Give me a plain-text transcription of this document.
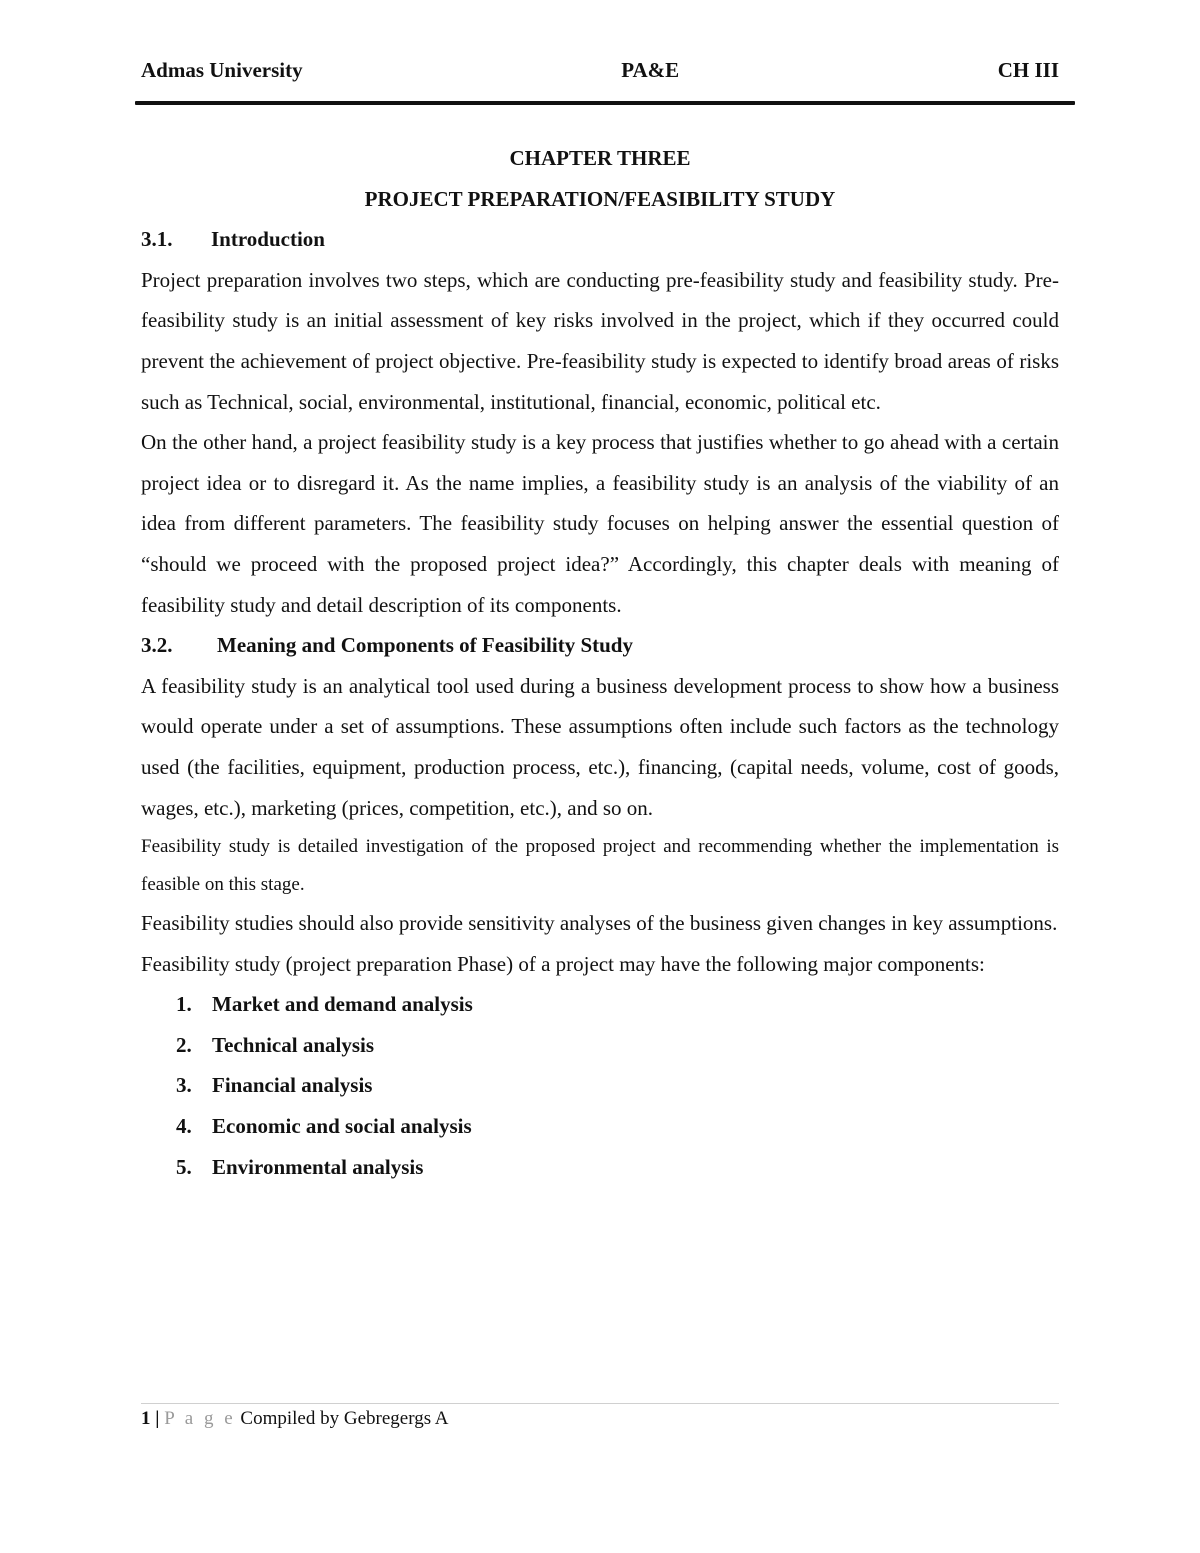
Admas University	PA&E	CH III
CHAPTER THREE
PROJECT PREPARATION/FEASIBILITY STUDY
3.1.	Introduction

Project preparation involves two steps, which are conducting pre-feasibility study and feasibility study. Pre-feasibility study is an initial assessment of key risks involved in the project, which if they occurred could prevent the achievement of project objective. Pre-feasibility study is expected to identify broad areas of risks such as Technical, social, environmental, institutional, financial, economic, political etc.

On the other hand, a project feasibility study is a key process that justifies whether to go ahead with a certain project idea or to disregard it. As the name implies, a feasibility study is an analysis of the viability of an idea from different parameters. The feasibility study focuses on helping answer the essential question of “should we proceed with the proposed project idea?” Accordingly, this chapter deals with meaning of feasibility study and detail description of its components.

3.2.	Meaning and Components of Feasibility Study

A feasibility study is an analytical tool used during a business development process to show how a business would operate under a set of assumptions. These assumptions often include such factors as the technology used (the facilities, equipment, production process, etc.), financing, (capital needs, volume, cost of goods, wages, etc.), marketing (prices, competition, etc.), and so on.

Feasibility study is detailed investigation of the proposed project and recommending whether the implementation is feasible on this stage.

Feasibility studies should also provide sensitivity analyses of the business given changes in key assumptions.

Feasibility study (project preparation Phase) of a project may have the following major components:

1. Market and demand analysis
2. Technical analysis
3. Financial analysis
4. Economic and social analysis
5. Environmental analysis
1 | P a g e Compiled by Gebregergs A
